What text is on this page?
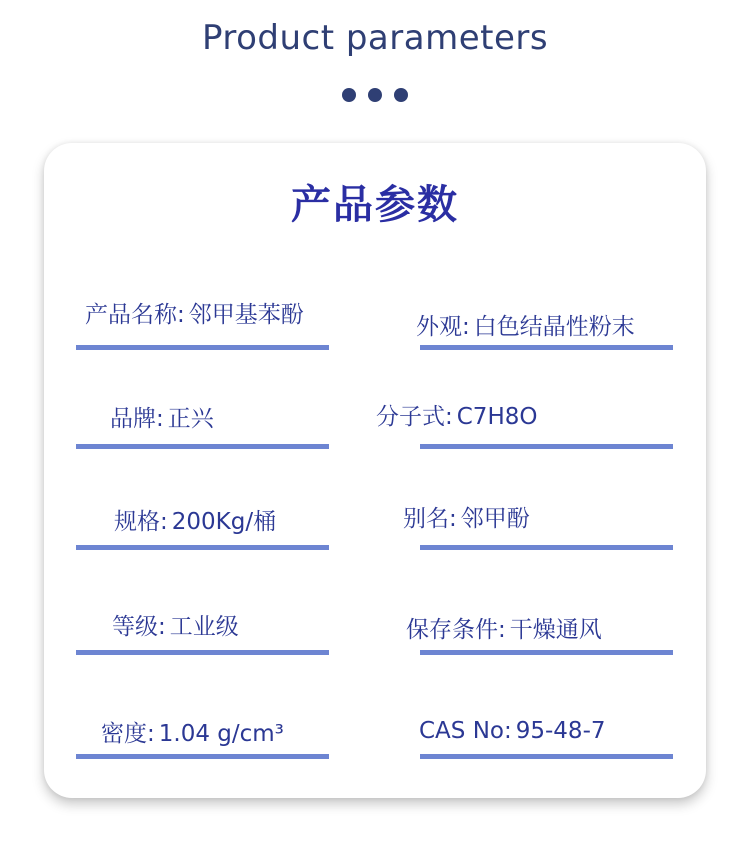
Product parameters
产品参数
产品名称: 邻甲基苯酚	外观: 白色结晶性粉末
品牌: 正兴	分子式: C7H8O
规格: 200Kg/桶	别名: 邻甲酚
等级: 工业级	保存条件: 干燥通风
密度: 1.04 g/cm³	CAS No: 95-48-7
